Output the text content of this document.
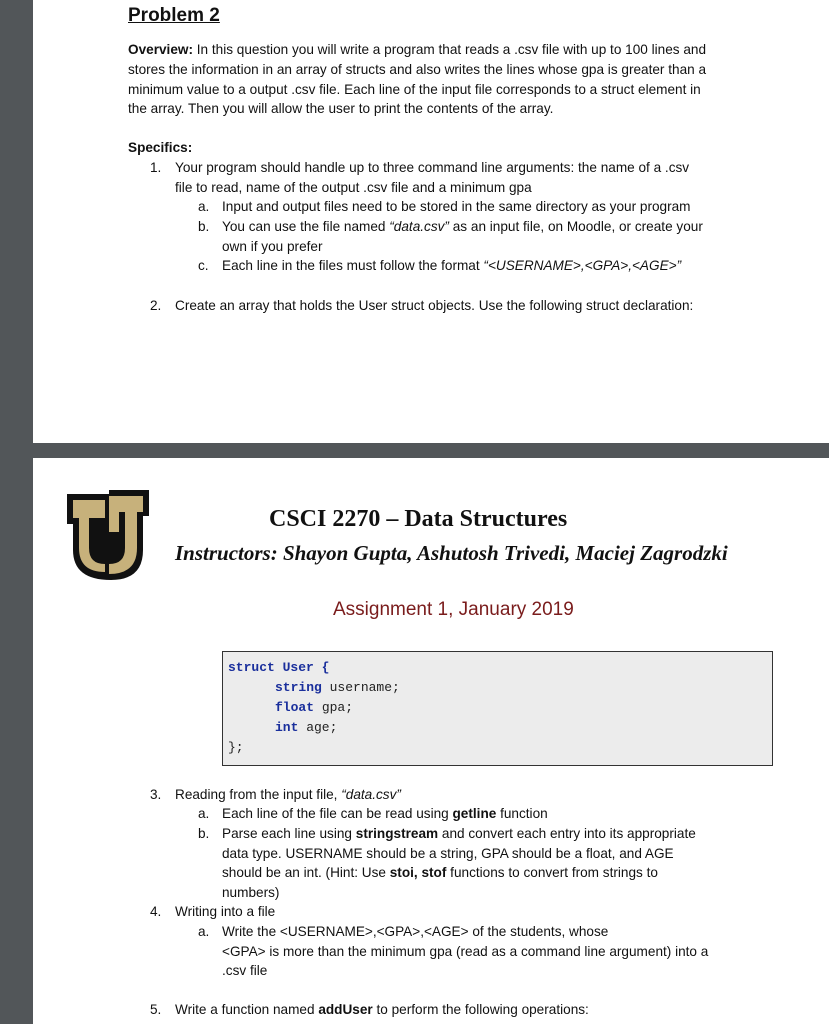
Problem 2
Overview: In this question you will write a program that reads a .csv file with up to 100 lines and
stores the information in an array of structs and also writes the lines whose gpa is greater than a
minimum value to a output .csv file. Each line of the input file corresponds to a struct element in
the array. Then you will allow the user to print the contents of the array.
Specifics:
1. Your program should handle up to three command line arguments: the name of a .csv
file to read, name of the output .csv file and a minimum gpa
a. Input and output files need to be stored in the same directory as your program
b. You can use the file named “data.csv” as an input file, on Moodle, or create your
own if you prefer
c. Each line in the files must follow the format “<USERNAME>,<GPA>,<AGE>”
2. Create an array that holds the User struct objects. Use the following struct declaration:
CSCI 2270 – Data Structures
Instructors: Shayon Gupta, Ashutosh Trivedi, Maciej Zagrodzki
Assignment 1, January 2019
struct User {
string username;
float gpa;
int age;
};
3. Reading from the input file, “data.csv”
a. Each line of the file can be read using getline function
b. Parse each line using stringstream and convert each entry into its appropriate
data type. USERNAME should be a string, GPA should be a float, and AGE
should be an int. (Hint: Use stoi, stof functions to convert from strings to
numbers)
4. Writing into a file
a. Write the <USERNAME>,<GPA>,<AGE> of the students, whose
<GPA> is more than the minimum gpa (read as a command line argument) into a
.csv file
5. Write a function named addUser to perform the following operations:
